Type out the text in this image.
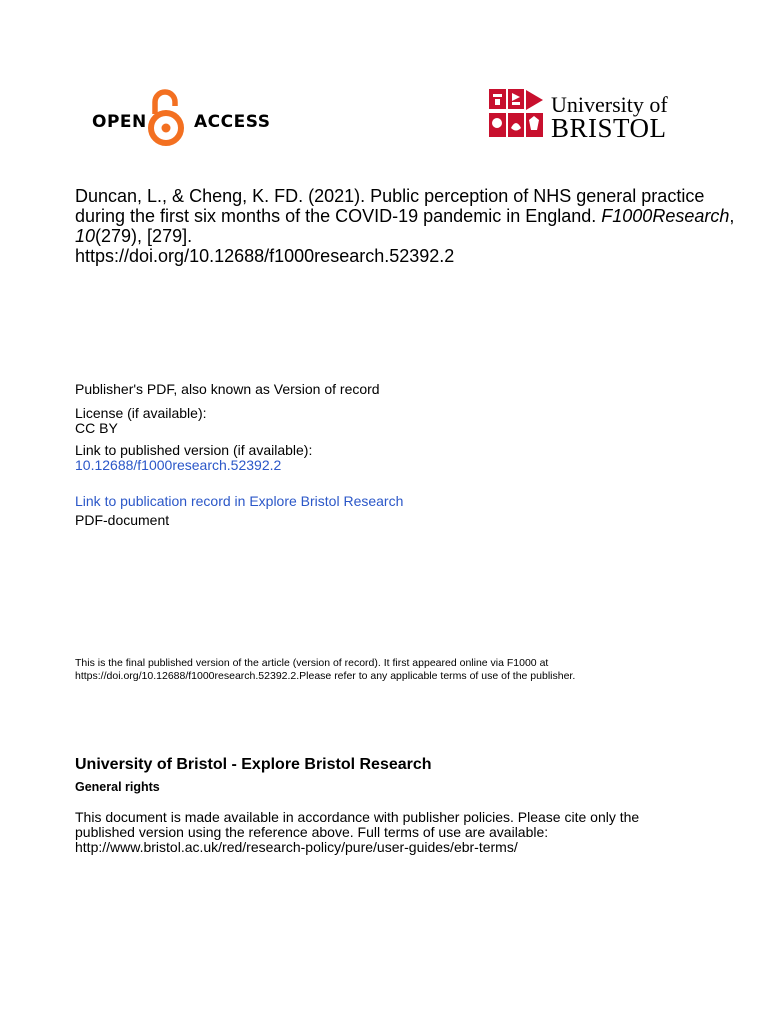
OPEN	ACCESS
University of
BRISTOL
Duncan, L., & Cheng, K. FD. (2021). Public perception of NHS general practice during the first six months of the COVID-19 pandemic in England. F1000Research, 10(279), [279].
https://doi.org/10.12688/f1000research.52392.2
Publisher's PDF, also known as Version of record
License (if available):
CC BY
Link to published version (if available):
10.12688/f1000research.52392.2
Link to publication record in Explore Bristol Research
PDF-document
This is the final published version of the article (version of record). It first appeared online via F1000 at
https://doi.org/10.12688/f1000research.52392.2.Please refer to any applicable terms of use of the publisher.
University of Bristol - Explore Bristol Research
General rights
This document is made available in accordance with publisher policies. Please cite only the
published version using the reference above. Full terms of use are available:
http://www.bristol.ac.uk/red/research-policy/pure/user-guides/ebr-terms/
